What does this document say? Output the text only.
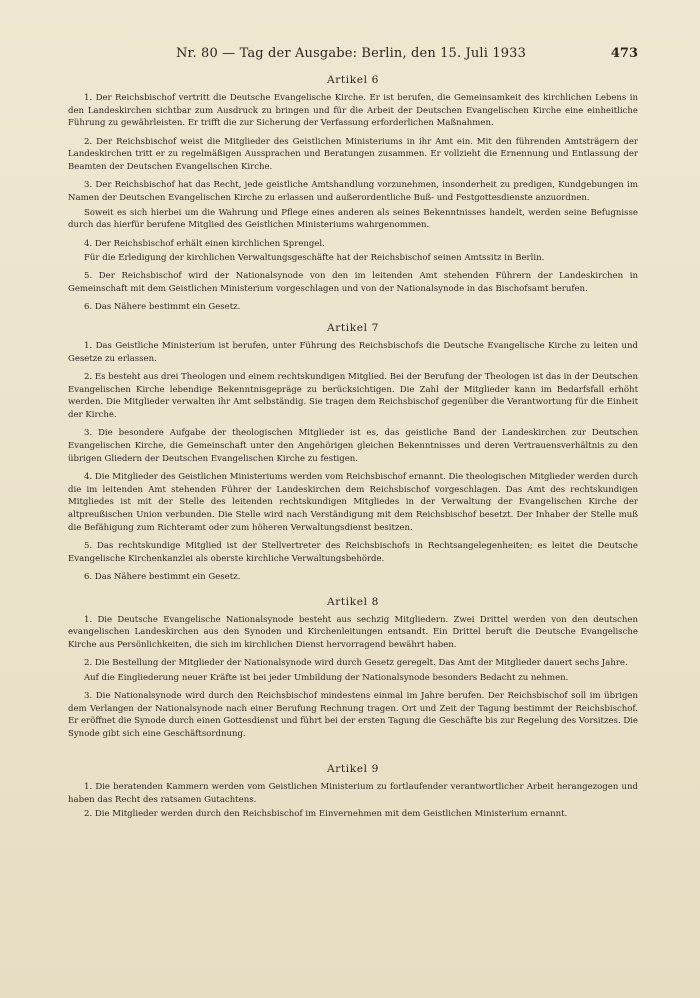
Nr. 80 — Tag der Ausgabe: Berlin, den 15. Juli 1933	473
Artikel 6

1. Der Reichsbischof vertritt die Deutsche Evangelische Kirche. Er ist berufen, die Gemeinsamkeit des kirchlichen Lebens in den Landeskirchen sichtbar zum Ausdruck zu bringen und für die Arbeit der Deutschen Evangelischen Kirche eine einheitliche Führung zu gewährleisten. Er trifft die zur Sicherung der Verfassung erforderlichen Maßnahmen.

2. Der Reichsbischof weist die Mitglieder des Geistlichen Ministeriums in ihr Amt ein. Mit den führenden Amtsträgern der Landeskirchen tritt er zu regelmäßigen Aussprachen und Beratungen zusammen. Er vollzieht die Ernennung und Entlassung der Beamten der Deutschen Evangelischen Kirche.

3. Der Reichsbischof hat das Recht, jede geistliche Amtshandlung vorzunehmen, insonderheit zu predigen, Kundgebungen im Namen der Deutschen Evangelischen Kirche zu erlassen und außerordentliche Buß- und Festgottesdienste anzuordnen.

Soweit es sich hierbei um die Wahrung und Pflege eines anderen als seines Bekenntnisses handelt, werden seine Befugnisse durch das hierfür berufene Mitglied des Geistlichen Ministeriums wahrgenommen.

4. Der Reichsbischof erhält einen kirchlichen Sprengel.

Für die Erledigung der kirchlichen Verwaltungsgeschäfte hat der Reichsbischof seinen Amtssitz in Berlin.

5. Der Reichsbischof wird der Nationalsynode von den im leitenden Amt stehenden Führern der Landeskirchen in Gemeinschaft mit dem Geistlichen Ministerium vorgeschlagen und von der Nationalsynode in das Bischofsamt berufen.

6. Das Nähere bestimmt ein Gesetz.

Artikel 7

1. Das Geistliche Ministerium ist berufen, unter Führung des Reichsbischofs die Deutsche Evangelische Kirche zu leiten und Gesetze zu erlassen.

2. Es besteht aus drei Theologen und einem rechtskundigen Mitglied. Bei der Berufung der Theologen ist das in der Deutschen Evangelischen Kirche lebendige Bekenntnisgepräge zu berücksichtigen. Die Zahl der Mitglieder kann im Bedarfsfall erhöht werden. Die Mitglieder verwalten ihr Amt selbständig. Sie tragen dem Reichsbischof gegenüber die Verantwortung für die Einheit der Kirche.

3. Die besondere Aufgabe der theologischen Mitglieder ist es, das geistliche Band der Landeskirchen zur Deutschen Evangelischen Kirche, die Gemeinschaft unter den Angehörigen gleichen Bekenntnisses und deren Vertrauensverhältnis zu den übrigen Gliedern der Deutschen Evangelischen Kirche zu festigen.

4. Die Mitglieder des Geistlichen Ministeriums werden vom Reichsbischof ernannt. Die theologischen Mitglieder werden durch die im leitenden Amt stehenden Führer der Landeskirchen dem Reichsbischof vorgeschlagen. Das Amt des rechtskundigen Mitgliedes ist mit der Stelle des leitenden rechtskundigen Mitgliedes in der Verwaltung der Evangelischen Kirche der altpreußischen Union verbunden. Die Stelle wird nach Verständigung mit dem Reichsbischof besetzt. Der Inhaber der Stelle muß die Befähigung zum Richteramt oder zum höheren Verwaltungsdienst besitzen.

5. Das rechtskundige Mitglied ist der Stellvertreter des Reichsbischofs in Rechtsangelegenheiten; es leitet die Deutsche Evangelische Kirchenkanzlei als oberste kirchliche Verwaltungsbehörde.

6. Das Nähere bestimmt ein Gesetz.

Artikel 8

1. Die Deutsche Evangelische Nationalsynode besteht aus sechzig Mitgliedern. Zwei Drittel werden von den deutschen evangelischen Landeskirchen aus den Synoden und Kirchenleitungen entsandt. Ein Drittel beruft die Deutsche Evangelische Kirche aus Persönlichkeiten, die sich im kirchlichen Dienst hervorragend bewährt haben.

2. Die Bestellung der Mitglieder der Nationalsynode wird durch Gesetz geregelt. Das Amt der Mitglieder dauert sechs Jahre.

Auf die Eingliederung neuer Kräfte ist bei jeder Umbildung der Nationalsynode besonders Bedacht zu nehmen.

3. Die Nationalsynode wird durch den Reichsbischof mindestens einmal im Jahre berufen. Der Reichsbischof soll im übrigen dem Verlangen der Nationalsynode nach einer Berufung Rechnung tragen. Ort und Zeit der Tagung bestimmt der Reichsbischof. Er eröffnet die Synode durch einen Gottesdienst und führt bei der ersten Tagung die Geschäfte bis zur Regelung des Vorsitzes. Die Synode gibt sich eine Geschäftsordnung.

Artikel 9

1. Die beratenden Kammern werden vom Geistlichen Ministerium zu fortlaufender verantwortlicher Arbeit herangezogen und haben das Recht des ratsamen Gutachtens.

2. Die Mitglieder werden durch den Reichsbischof im Einvernehmen mit dem Geistlichen Ministerium ernannt.
